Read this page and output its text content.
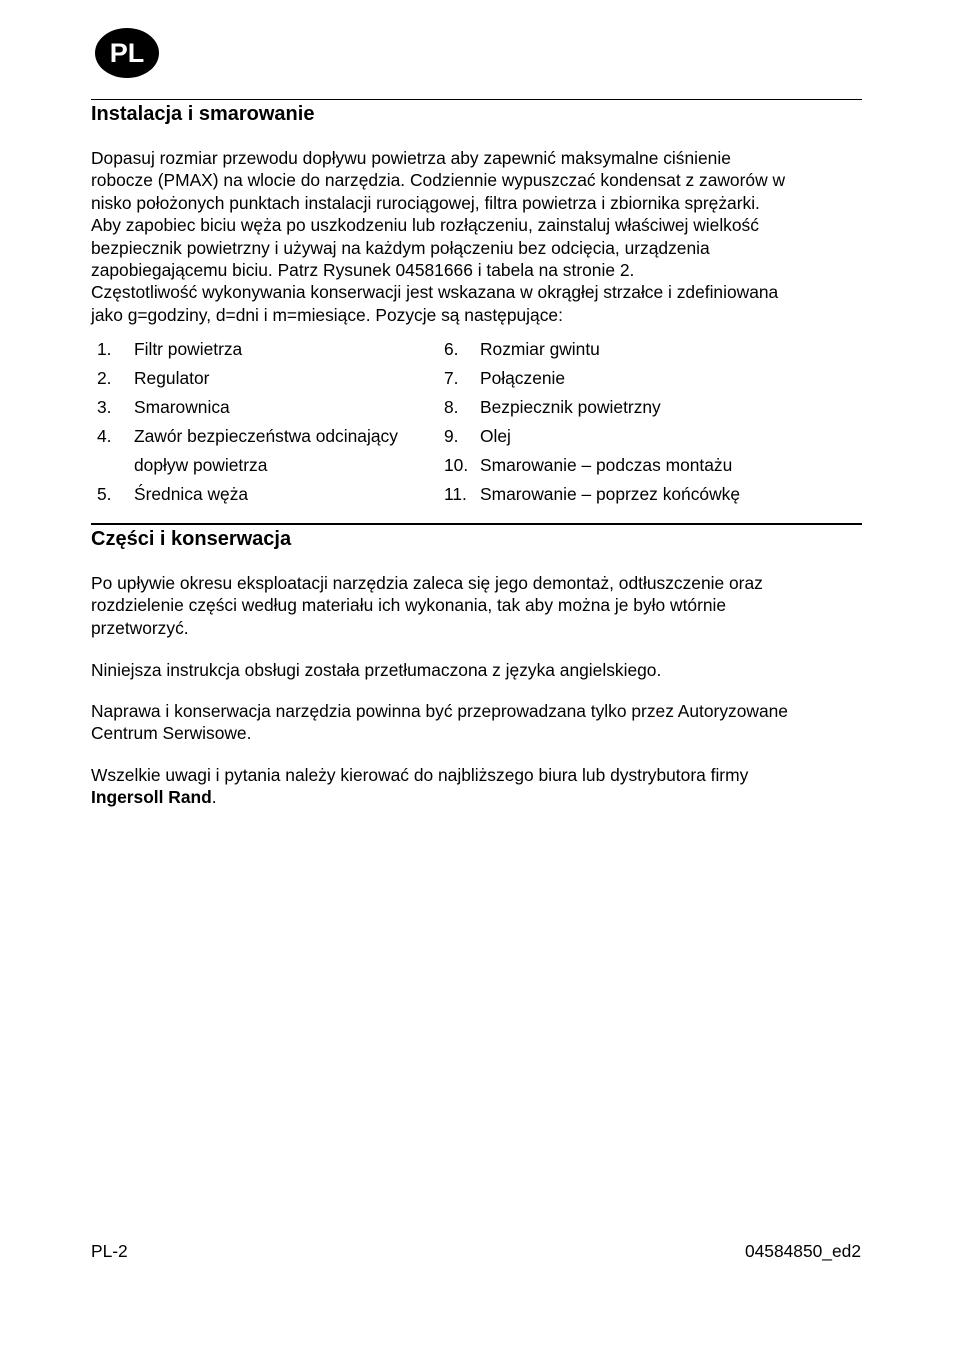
PL
Instalacja i smarowanie
Dopasuj rozmiar przewodu dopływu powietrza aby zapewnić maksymalne ciśnienie
robocze (PMAX) na wlocie do narzędzia. Codziennie wypuszczać kondensat z zaworów w
nisko położonych punktach instalacji rurociągowej, filtra powietrza i zbiornika sprężarki.
Aby zapobiec biciu węża po uszkodzeniu lub rozłączeniu, zainstaluj właściwej wielkość
bezpiecznik powietrzny i używaj na każdym połączeniu bez odcięcia, urządzenia
zapobiegającemu biciu. Patrz Rysunek 04581666 i tabela na stronie 2.
Częstotliwość wykonywania konserwacji jest wskazana w okrągłej strzałce i zdefiniowana
jako g=godziny, d=dni i m=miesiące. Pozycje są następujące:
1. Filtr powietrza
2. Regulator
3. Smarownica
4. Zawór bezpieczeństwa odcinający
dopływ powietrza
5. Średnica węża
6. Rozmiar gwintu
7. Połączenie
8. Bezpiecznik powietrzny
9. Olej
10. Smarowanie – podczas montażu
11. Smarowanie – poprzez końcówkę
Części i konserwacja
Po upływie okresu eksploatacji narzędzia zaleca się jego demontaż, odtłuszczenie oraz
rozdzielenie części według materiału ich wykonania, tak aby można je było wtórnie
przetworzyć.
Niniejsza instrukcja obsługi została przetłumaczona z języka angielskiego.
Naprawa i konserwacja narzędzia powinna być przeprowadzana tylko przez Autoryzowane
Centrum Serwisowe.
Wszelkie uwagi i pytania należy kierować do najbliższego biura lub dystrybutora firmy
Ingersoll Rand.
PL-2	04584850_ed2
